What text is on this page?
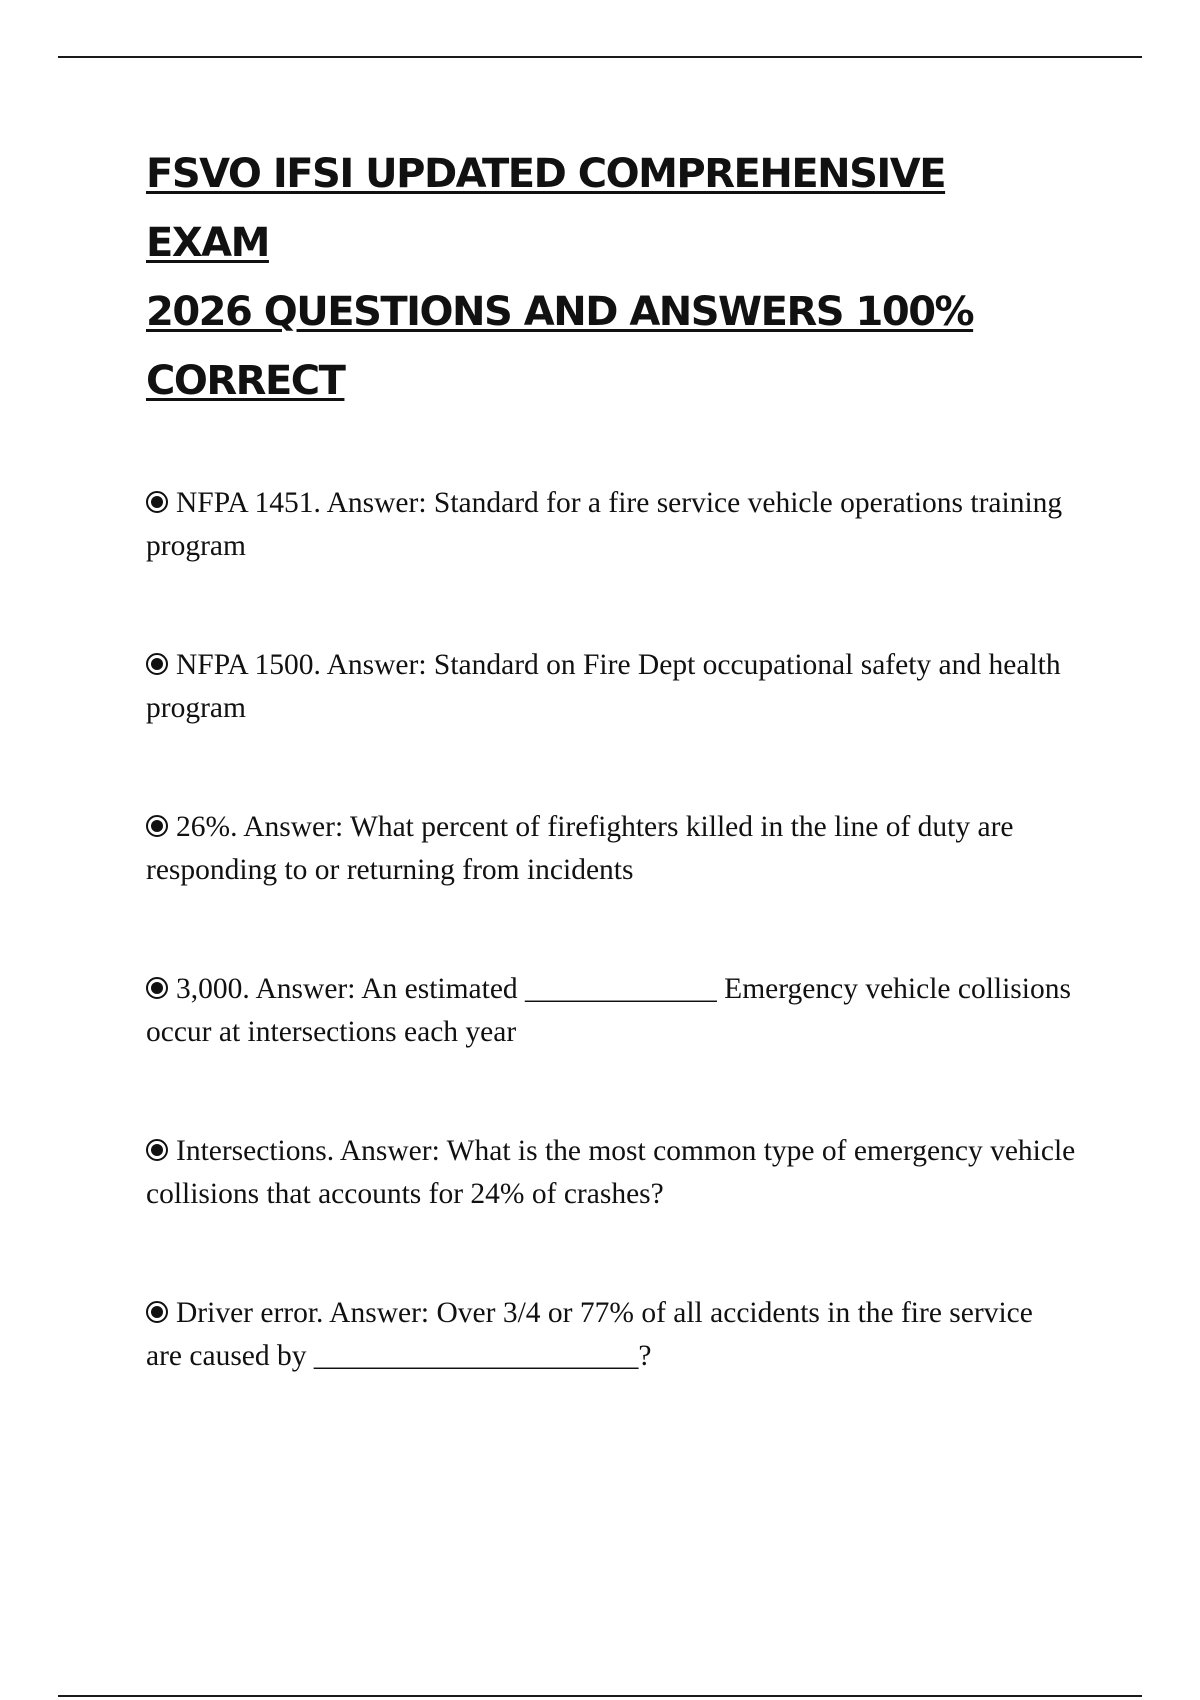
FSVO IFSI UPDATED COMPREHENSIVE EXAM
2026 QUESTIONS AND ANSWERS 100%
CORRECT
NFPA 1451. Answer: Standard for a fire service vehicle operations training program
NFPA 1500. Answer: Standard on Fire Dept occupational safety and health program
26%. Answer: What percent of firefighters killed in the line of duty are responding to or returning from incidents
3,000. Answer: An estimated _____________ Emergency vehicle collisions occur at intersections each year
Intersections. Answer: What is the most common type of emergency vehicle collisions that accounts for 24% of crashes?
Driver error. Answer: Over 3/4 or 77% of all accidents in the fire service are caused by ______________________?
